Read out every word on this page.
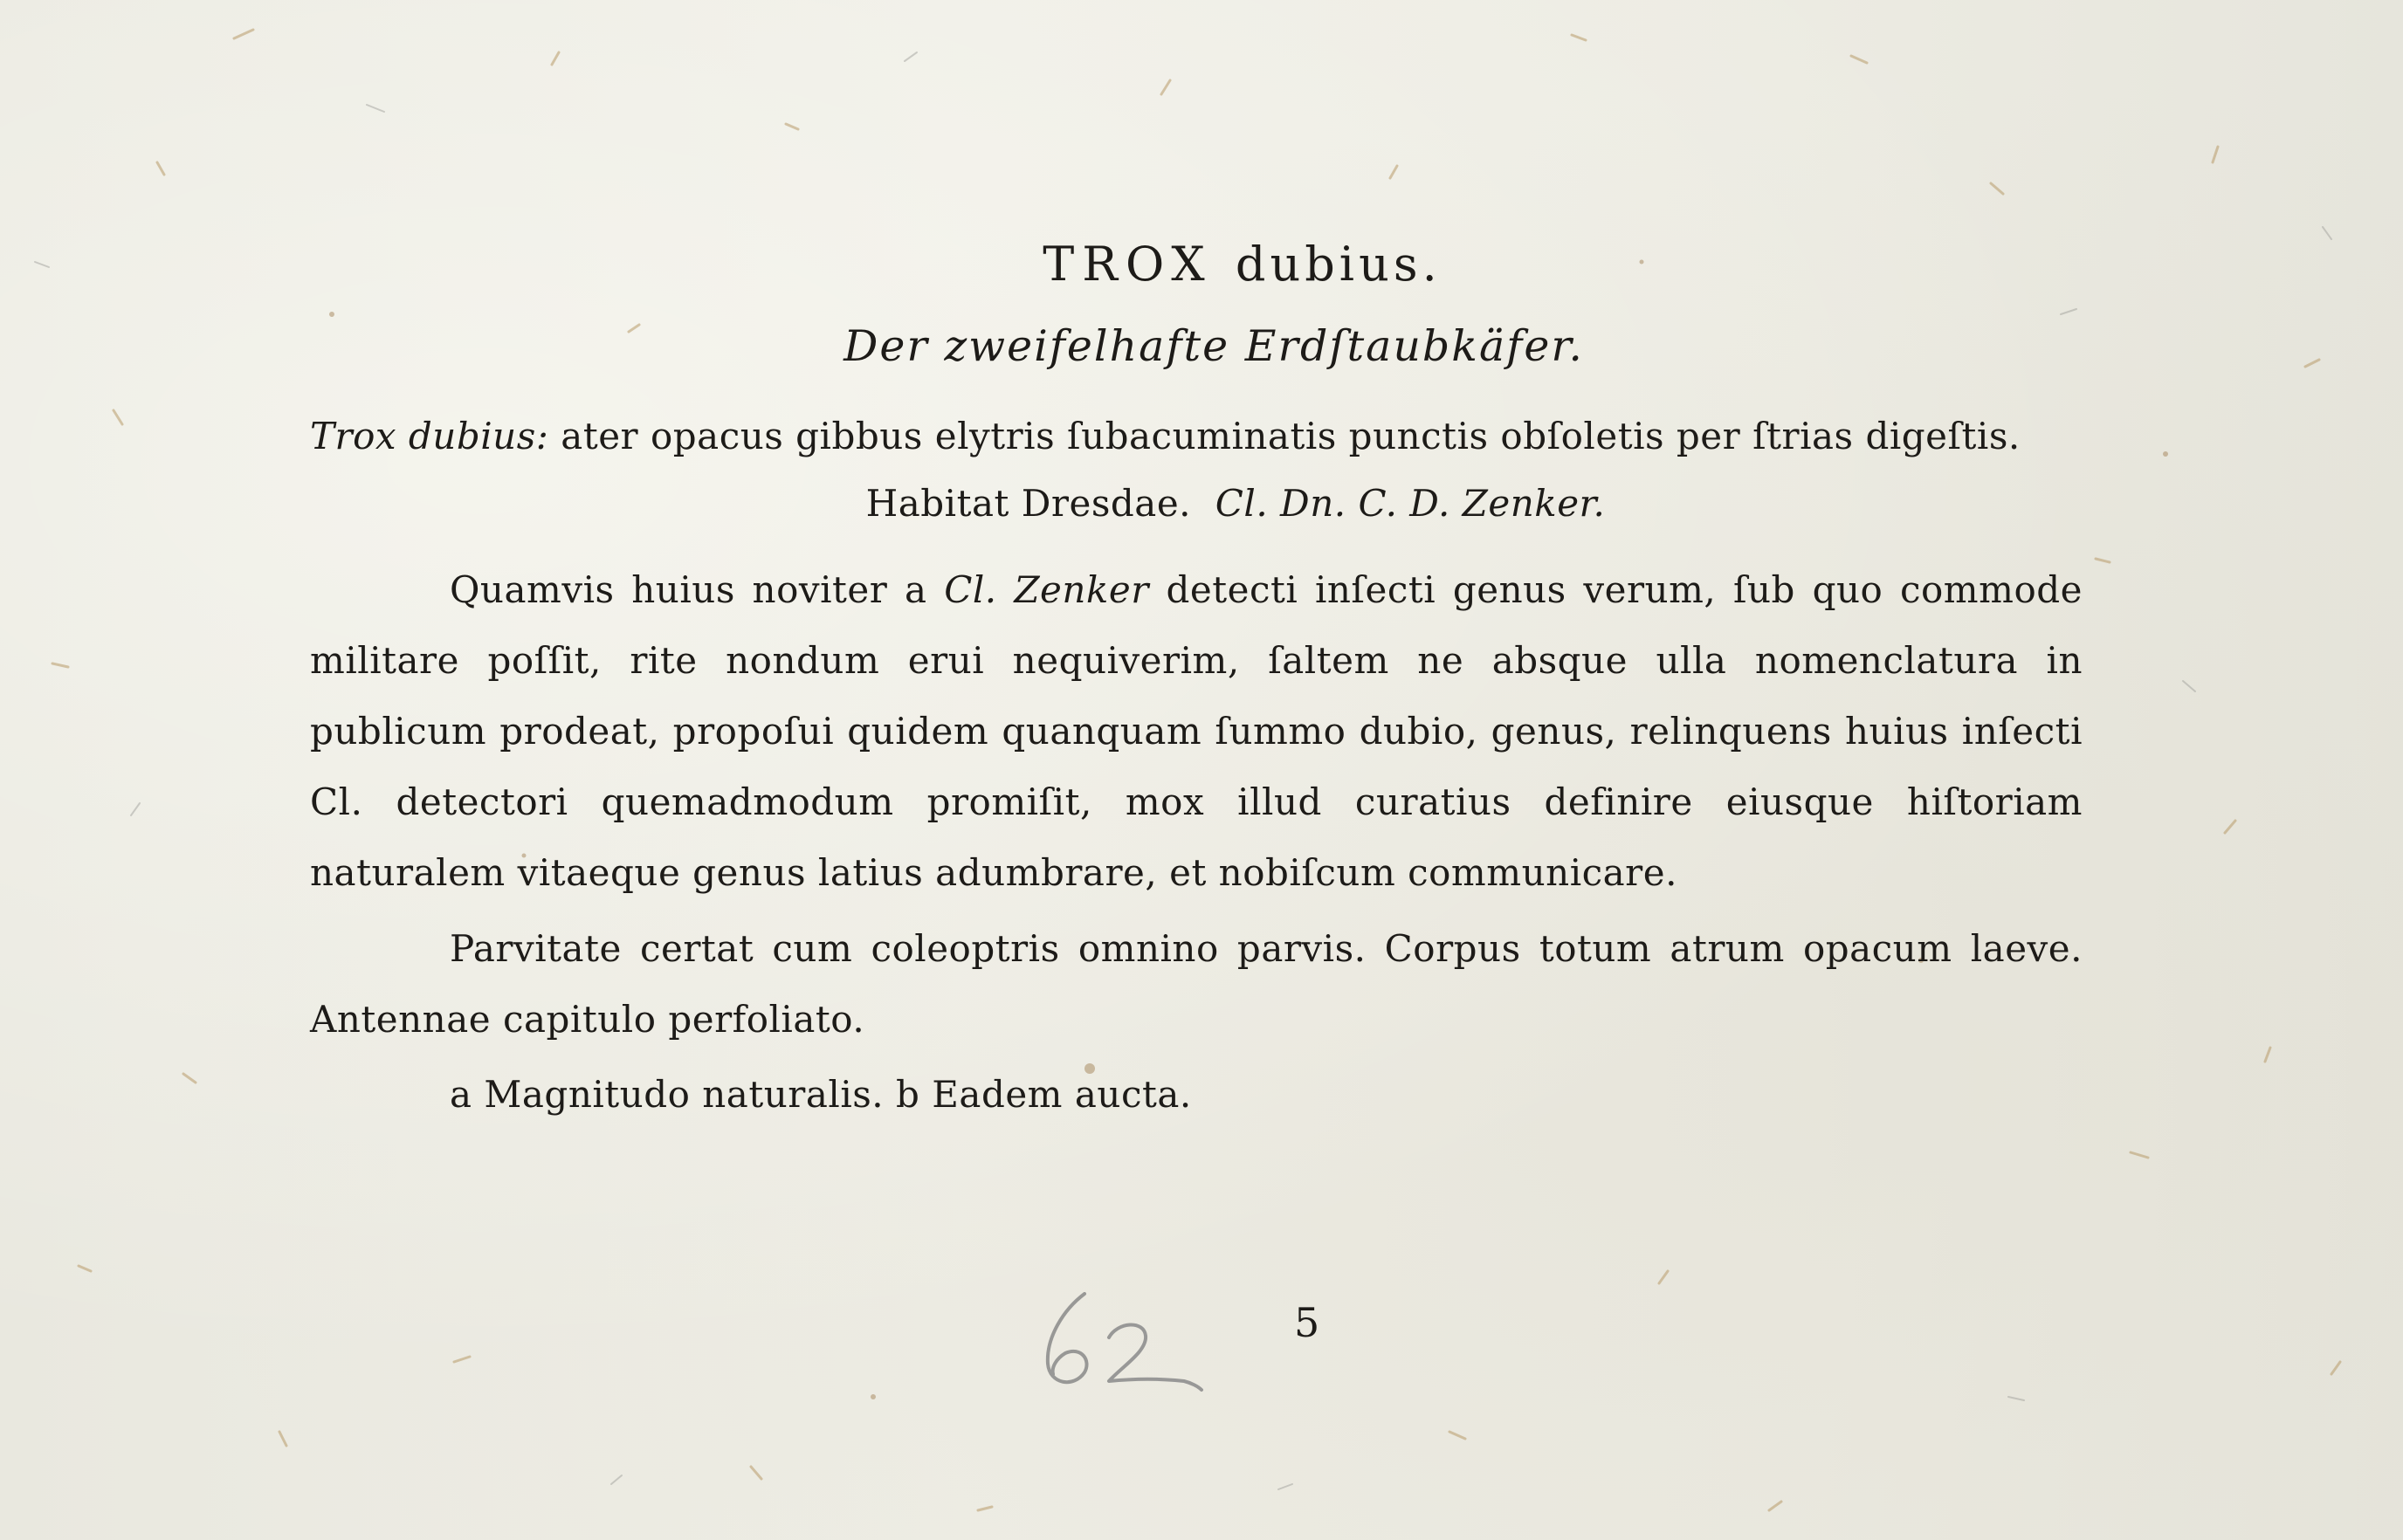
TROX dubius.
Der zweifelhafte Erdſtaubkäfer.

Trox dubius: ater opacus gibbus elytris ſubacuminatis punctis obſoletis per ſtrias digeſtis.

Habitat Dresdae. Cl. Dn. C. D. Zenker.

Quamvis huius noviter a Cl. Zenker detecti inſecti genus verum, ſub quo commode militare poſſit, rite nondum erui nequiverim, ſaltem ne absque ulla nomenclatura in publicum prodeat, propoſui quidem quanquam ſummo dubio, genus, relinquens huius inſecti Cl. detectori quemadmodum promiſit, mox illud curatius definire eiusque hiſtoriam naturalem vitaeque genus latius adumbrare, et nobiſcum communicare.

Parvitate certat cum coleoptris omnino parvis. Corpus totum atrum opacum laeve. Antennae capitulo perfoliato.

a Magnitudo naturalis. b Eadem aucta.

5
